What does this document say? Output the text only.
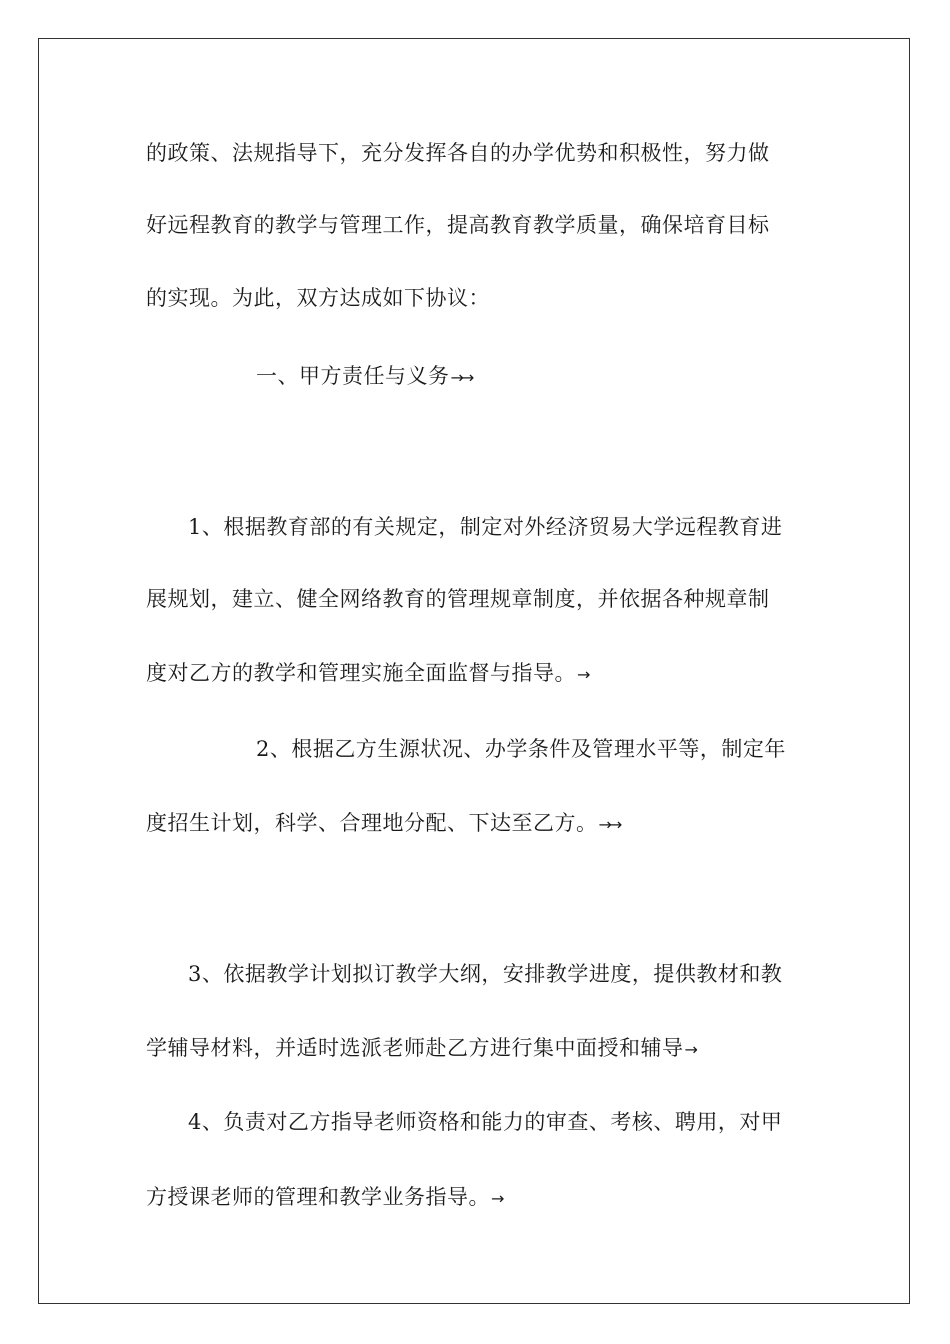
的政策、法规指导下，充分发挥各自的办学优势和积极性，努力做
好远程教育的教学与管理工作，提高教育教学质量，确保培育目标
的实现。为此，双方达成如下协议：
一、甲方责任与义务→→
1、根据教育部的有关规定，制定对外经济贸易大学远程教育进
展规划，建立、健全网络教育的管理规章制度，并依据各种规章制
度对乙方的教学和管理实施全面监督与指导。→
2、根据乙方生源状况、办学条件及管理水平等，制定年
度招生计划，科学、合理地分配、下达至乙方。→→
3、依据教学计划拟订教学大纲，安排教学进度，提供教材和教
学辅导材料，并适时选派老师赴乙方进行集中面授和辅导→
4、负责对乙方指导老师资格和能力的审查、考核、聘用，对甲
方授课老师的管理和教学业务指导。→
